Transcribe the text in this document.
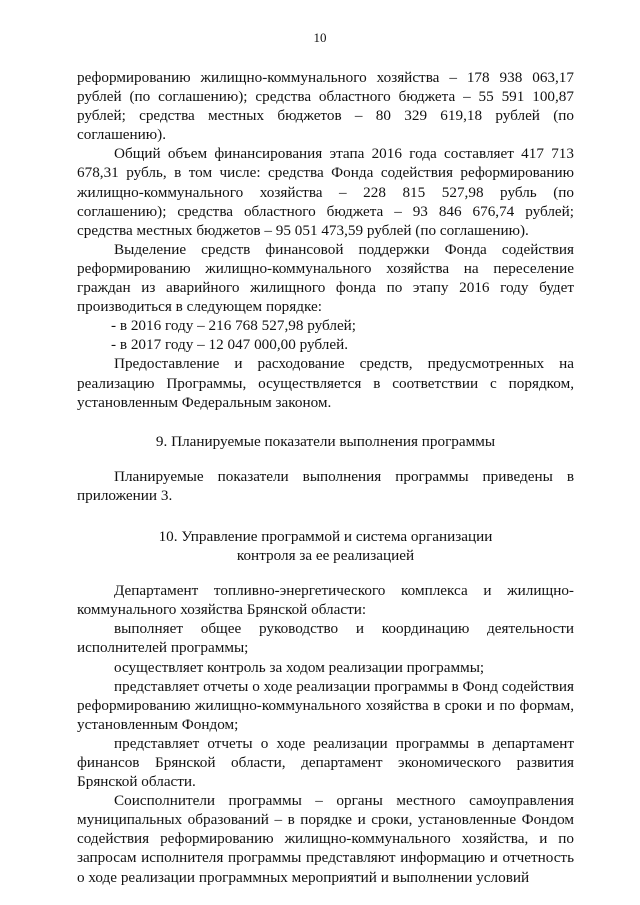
10

реформированию жилищно-коммунального хозяйства – 178 938 063,17 рублей (по соглашению); средства областного бюджета – 55 591 100,87 рублей; средства местных бюджетов – 80 329 619,18 рублей (по соглашению).

Общий объем финансирования этапа 2016 года составляет 417 713 678,31 рубль, в том числе: средства Фонда содействия реформированию жилищно-коммунального хозяйства – 228 815 527,98 рубль (по соглашению); средства областного бюджета – 93 846 676,74 рублей; средства местных бюджетов – 95 051 473,59 рублей (по соглашению).

Выделение средств финансовой поддержки Фонда содействия реформированию жилищно-коммунального хозяйства на переселение граждан из аварийного жилищного фонда по этапу 2016 году будет производиться в следующем порядке:

- в 2016 году – 216 768 527,98 рублей;

- в 2017 году – 12 047 000,00 рублей.

Предоставление и расходование средств, предусмотренных на реализацию Программы, осуществляется в соответствии с порядком, установленным Федеральным законом.

9. Планируемые показатели выполнения программы

Планируемые показатели выполнения программы приведены в приложении 3.

10. Управление программой и система организации

контроля за ее реализацией

Департамент топливно-энергетического комплекса и жилищно-коммунального хозяйства Брянской области:

выполняет общее руководство и координацию деятельности исполнителей программы;

осуществляет контроль за ходом реализации программы;

представляет отчеты о ходе реализации программы в Фонд содействия реформированию жилищно-коммунального хозяйства в сроки и по формам, установленным Фондом;

представляет отчеты о ходе реализации программы в департамент финансов Брянской области, департамент экономического развития Брянской области.

Соисполнители программы – органы местного самоуправления муниципальных образований – в порядке и сроки, установленные Фондом содействия реформированию жилищно-коммунального хозяйства, и по запросам исполнителя программы представляют информацию и отчетность о ходе реализации программных мероприятий и выполнении условий
